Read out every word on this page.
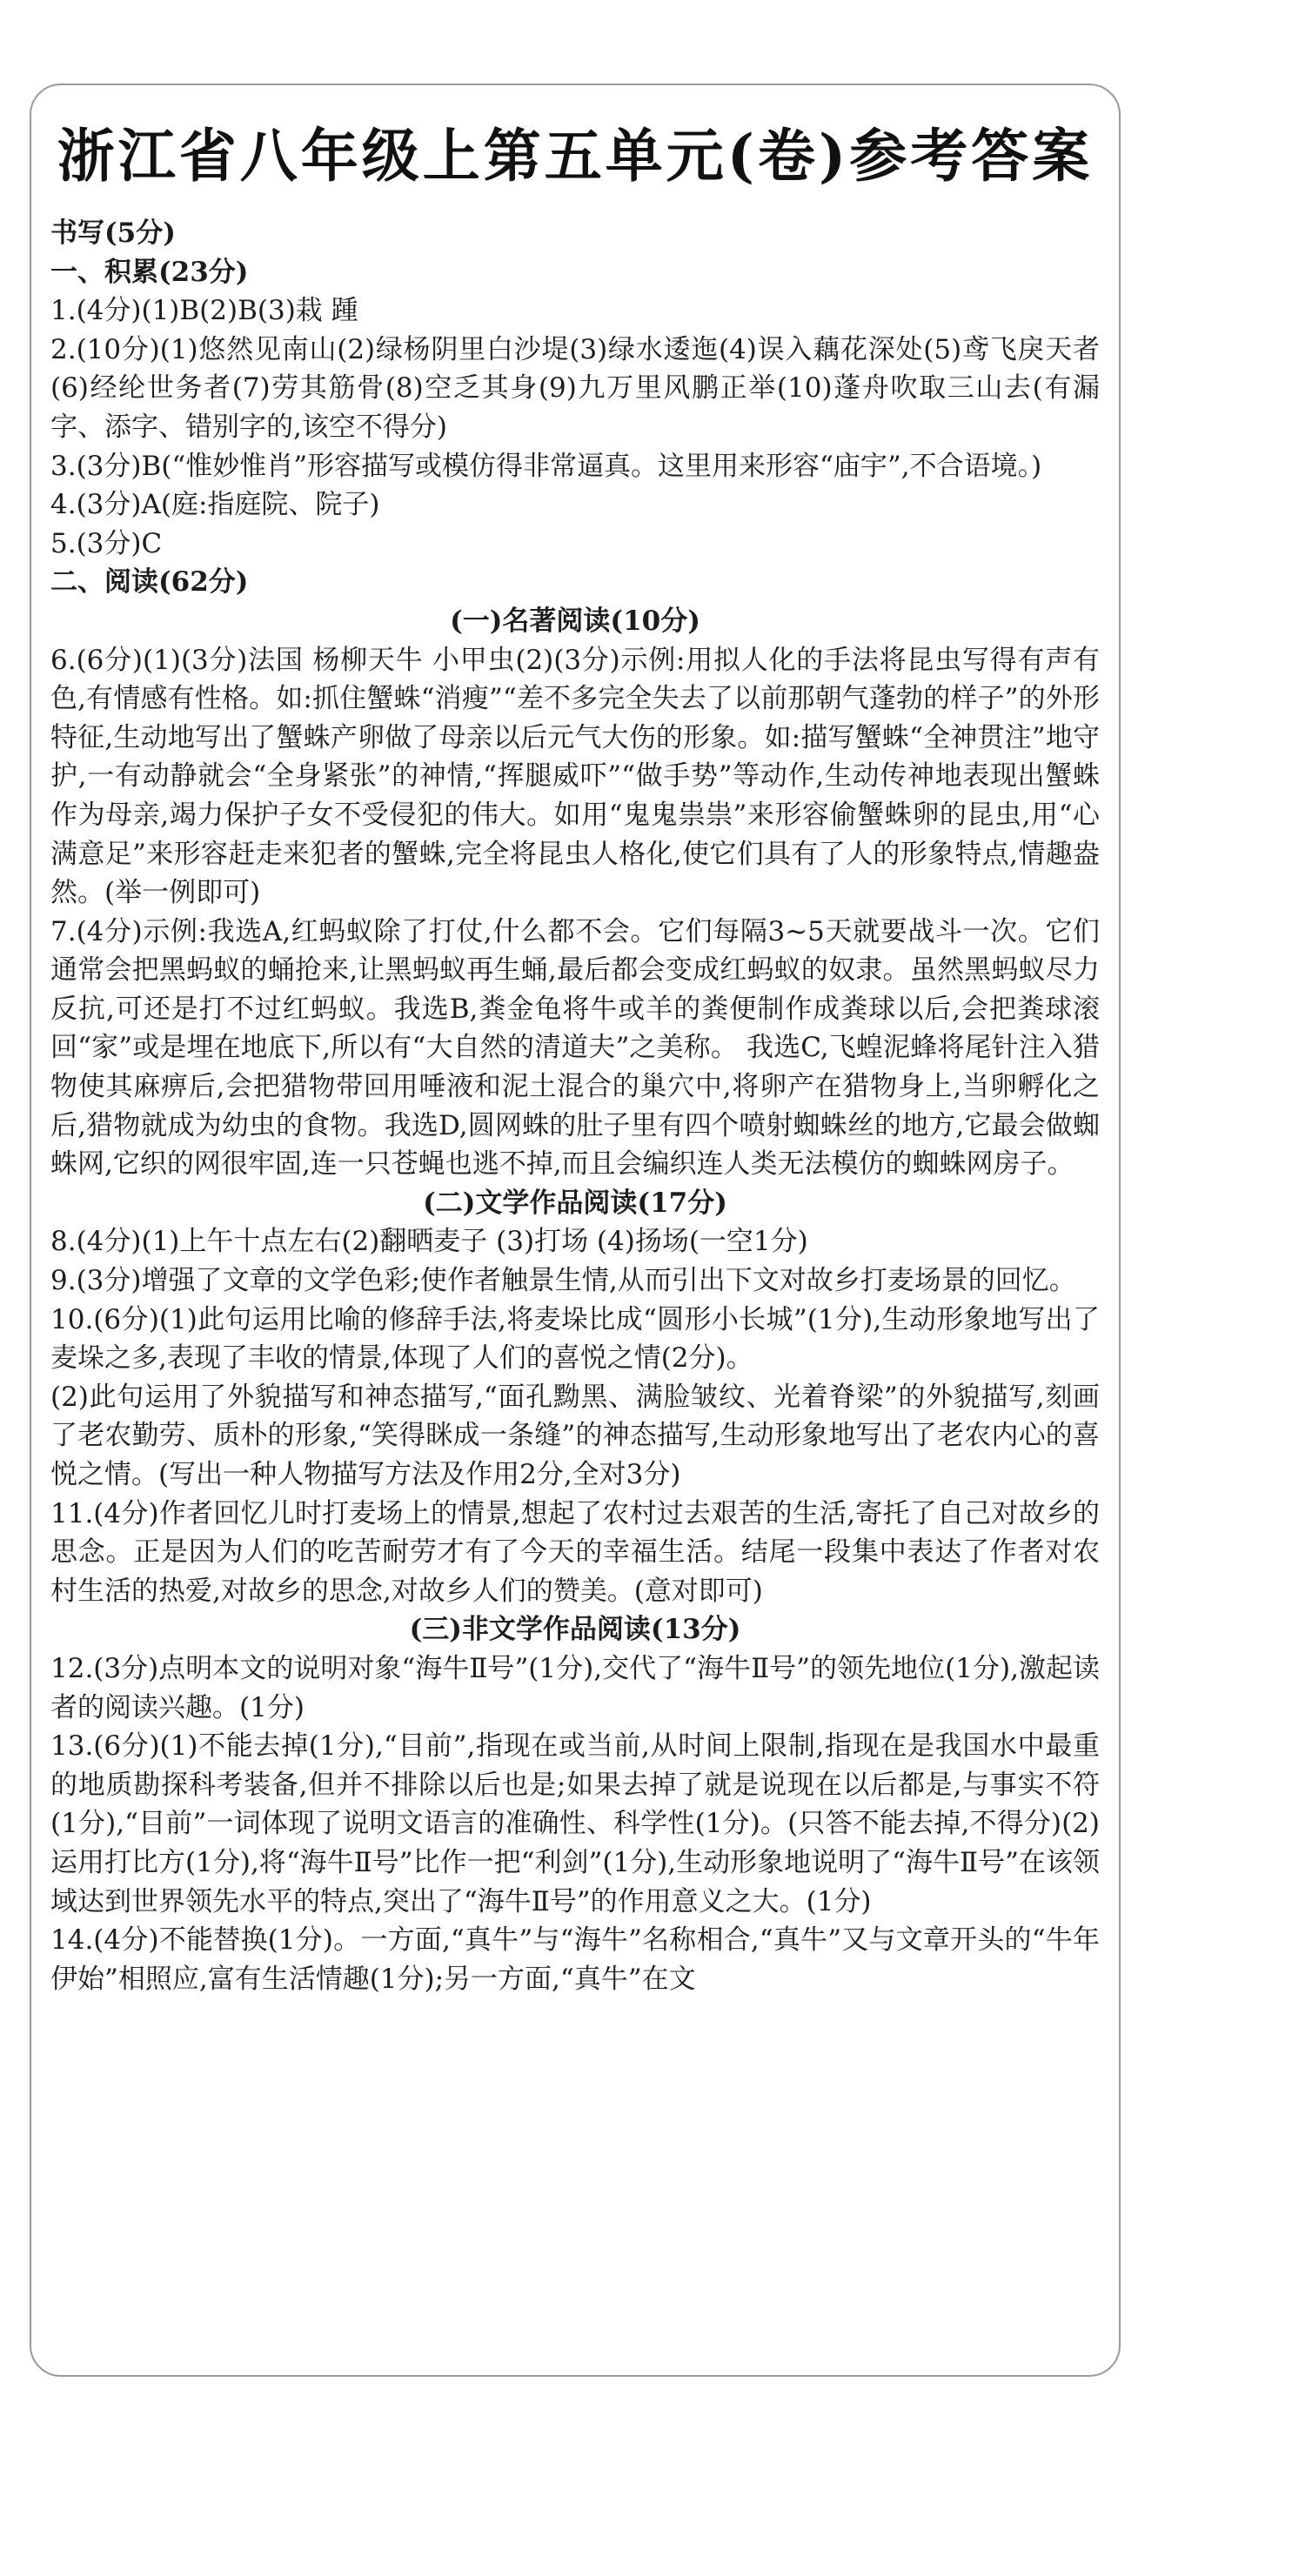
浙江省八年级上第五单元(卷)参考答案

书写(5分)

一、积累(23分)

1.(4分)(1)B(2)B(3)栽 踵

2.(10分)(1)悠然见南山(2)绿杨阴里白沙堤(3)绿水逶迤(4)误入藕花深处(5)鸢飞戾天者(6)经纶世务者(7)劳其筋骨(8)空乏其身(9)九万里风鹏正举(10)蓬舟吹取三山去(有漏字、添字、错别字的,该空不得分)

3.(3分)B(“惟妙惟肖”形容描写或模仿得非常逼真。这里用来形容“庙宇”,不合语境。)

4.(3分)A(庭:指庭院、院子)

5.(3分)C

二、阅读(62分)

(一)名著阅读(10分)

6.(6分)(1)(3分)法国 杨柳天牛 小甲虫(2)(3分)示例:用拟人化的手法将昆虫写得有声有色,有情感有性格。如:抓住蟹蛛“消瘦”“差不多完全失去了以前那朝气蓬勃的样子”的外形特征,生动地写出了蟹蛛产卵做了母亲以后元气大伤的形象。如:描写蟹蛛“全神贯注”地守护,一有动静就会“全身紧张”的神情,“挥腿威吓”“做手势”等动作,生动传神地表现出蟹蛛作为母亲,竭力保护子女不受侵犯的伟大。如用“鬼鬼祟祟”来形容偷蟹蛛卵的昆虫,用“心满意足”来形容赶走来犯者的蟹蛛,完全将昆虫人格化,使它们具有了人的形象特点,情趣盎然。(举一例即可)

7.(4分)示例:我选A,红蚂蚁除了打仗,什么都不会。它们每隔3~5天就要战斗一次。它们通常会把黑蚂蚁的蛹抢来,让黑蚂蚁再生蛹,最后都会变成红蚂蚁的奴隶。虽然黑蚂蚁尽力反抗,可还是打不过红蚂蚁。我选B,粪金龟将牛或羊的粪便制作成粪球以后,会把粪球滚回“家”或是埋在地底下,所以有“大自然的清道夫”之美称。 我选C,飞蝗泥蜂将尾针注入猎物使其麻痹后,会把猎物带回用唾液和泥土混合的巢穴中,将卵产在猎物身上,当卵孵化之后,猎物就成为幼虫的食物。我选D,圆网蛛的肚子里有四个喷射蜘蛛丝的地方,它最会做蜘蛛网,它织的网很牢固,连一只苍蝇也逃不掉,而且会编织连人类无法模仿的蜘蛛网房子。

(二)文学作品阅读(17分)

8.(4分)(1)上午十点左右(2)翻晒麦子 (3)打场 (4)扬场(一空1分)

9.(3分)增强了文章的文学色彩;使作者触景生情,从而引出下文对故乡打麦场景的回忆。

10.(6分)(1)此句运用比喻的修辞手法,将麦垛比成“圆形小长城”(1分),生动形象地写出了麦垛之多,表现了丰收的情景,体现了人们的喜悦之情(2分)。

(2)此句运用了外貌描写和神态描写,“面孔黝黑、满脸皱纹、光着脊梁”的外貌描写,刻画了老农勤劳、质朴的形象,“笑得眯成一条缝”的神态描写,生动形象地写出了老农内心的喜悦之情。(写出一种人物描写方法及作用2分,全对3分)

11.(4分)作者回忆儿时打麦场上的情景,想起了农村过去艰苦的生活,寄托了自己对故乡的思念。正是因为人们的吃苦耐劳才有了今天的幸福生活。结尾一段集中表达了作者对农村生活的热爱,对故乡的思念,对故乡人们的赞美。(意对即可)

(三)非文学作品阅读(13分)

12.(3分)点明本文的说明对象“海牛Ⅱ号”(1分),交代了“海牛Ⅱ号”的领先地位(1分),激起读者的阅读兴趣。(1分)

13.(6分)(1)不能去掉(1分),“目前”,指现在或当前,从时间上限制,指现在是我国水中最重的地质勘探科考装备,但并不排除以后也是;如果去掉了就是说现在以后都是,与事实不符(1分),“目前”一词体现了说明文语言的准确性、科学性(1分)。(只答不能去掉,不得分)(2)运用打比方(1分),将“海牛Ⅱ号”比作一把“利剑”(1分),生动形象地说明了“海牛Ⅱ号”在该领域达到世界领先水平的特点,突出了“海牛Ⅱ号”的作用意义之大。(1分)

14.(4分)不能替换(1分)。一方面,“真牛”与“海牛”名称相合,“真牛”又与文章开头的“牛年伊始”相照应,富有生活情趣(1分);另一方面,“真牛”在文
